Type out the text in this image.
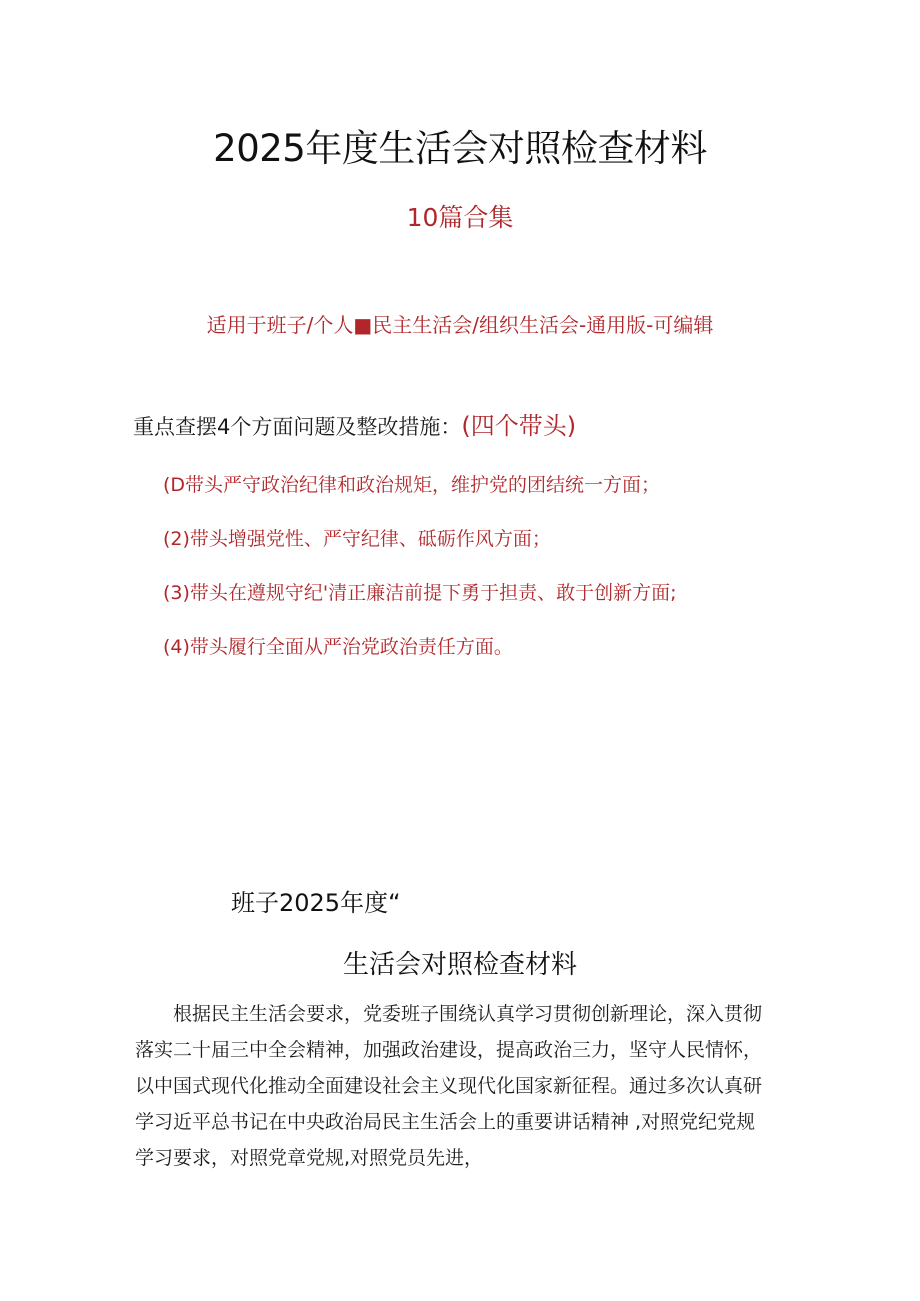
2025年度生活会对照检查材料
10篇合集
适用于班子/个人■民主生活会/组织生活会-通用版-可编辑
重点查摆4个方面问题及整改措施：(四个带头)
(D带头严守政治纪律和政治规矩，维护党的团结统一方面；
(2)带头增强党性、严守纪律、砥砺作风方面；
(3)带头在遵规守纪'清正廉洁前提下勇于担责、敢于创新方面;
(4)带头履行全面从严治党政治责任方面。
班子2025年度“
生活会对照检查材料

根据民主生活会要求，党委班子围绕认真学习贯彻创新理论，深入贯彻

落实二十届三中全会精神，加强政治建设，提高政治三力，坚守人民情怀，

以中国式现代化推动全面建设社会主义现代化国家新征程。通过多次认真研

学习近平总书记在中央政治局民主生活会上的重要讲话精神 ,对照党纪党规

学习要求，对照党章党规,对照党员先进，
